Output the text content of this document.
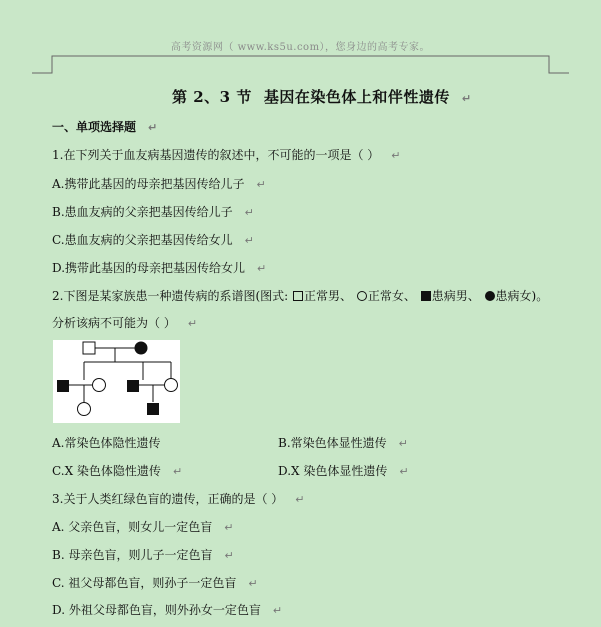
高考资源网（ www.ks5u.com），您身边的高考专家。
第 2、3 节 基因在染色体上和伴性遗传 ↵
一、单项选择题 ↵
1.在下列关于血友病基因遗传的叙述中，不可能的一项是（ ） ↵
A.携带此基因的母亲把基因传给儿子 ↵
B.患血友病的父亲把基因传给儿子 ↵
C.患血友病的父亲把基因传给女儿 ↵
D.携带此基因的母亲把基因传给女儿 ↵
2.下图是某家族患一种遗传病的系谱图(图式: 正常男、 正常女、 患病男、 患病女)。
分析该病不可能为（ ） ↵
A.常染色体隐性遗传	B.常染色体显性遗传 ↵
C.X 染色体隐性遗传 ↵	D.X 染色体显性遗传 ↵
3.关于人类红绿色盲的遗传，正确的是（ ） ↵
A. 父亲色盲，则女儿一定色盲 ↵
B. 母亲色盲，则儿子一定色盲 ↵
C. 祖父母都色盲，则孙子一定色盲 ↵
D. 外祖父母都色盲，则外孙女一定色盲 ↵
